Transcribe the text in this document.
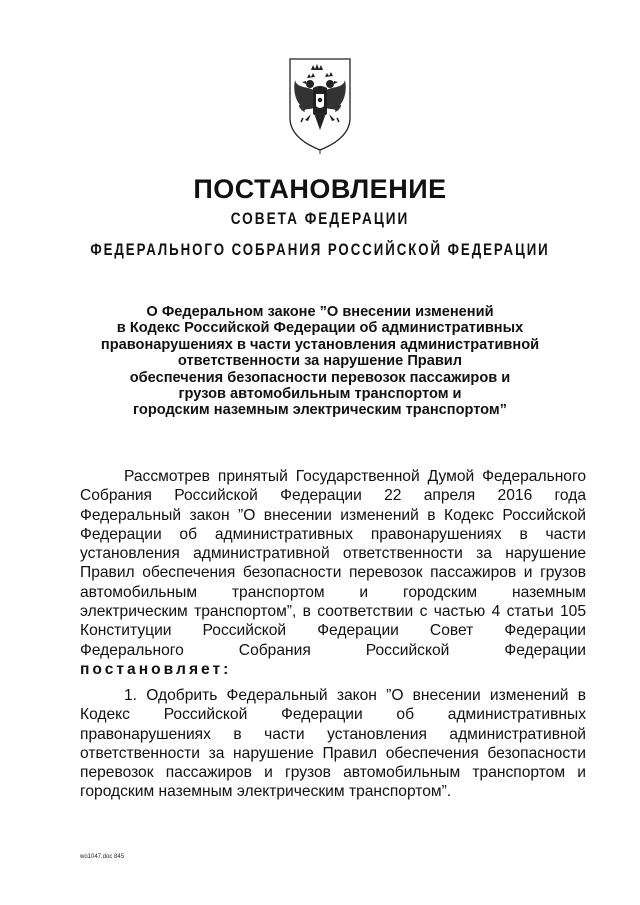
ПОСТАНОВЛЕНИЕ
СОВЕТА ФЕДЕРАЦИИ
ФЕДЕРАЛЬНОГО СОБРАНИЯ РОССИЙСКОЙ ФЕДЕРАЦИИ
О Федеральном законе ”О внесении изменений
в Кодекс Российской Федерации об административных
правонарушениях в части установления административной
ответственности за нарушение Правил
обеспечения безопасности перевозок пассажиров и
грузов автомобильным транспортом и
городским наземным электрическим транспортом”
Рассмотрев принятый Государственной Думой Федерального
Собрания Российской Федерации 22 апреля 2016 года
Федеральный закон ”О внесении изменений в Кодекс Российской
Федерации об административных правонарушениях в части
установления административной ответственности за нарушение
Правил обеспечения безопасности перевозок пассажиров и грузов
автомобильным транспортом и городским наземным
электрическим транспортом”, в соответствии с частью 4 статьи 105
Конституции Российской Федерации Совет Федерации
Федерального Собрания Российской Федерации
постановляет:
1. Одобрить Федеральный закон ”О внесении изменений в
Кодекс Российской Федерации об административных
правонарушениях в части установления административной
ответственности за нарушение Правил обеспечения безопасности
перевозок пассажиров и грузов автомобильным транспортом и
городским наземным электрическим транспортом”.
wo1047.doc 845
